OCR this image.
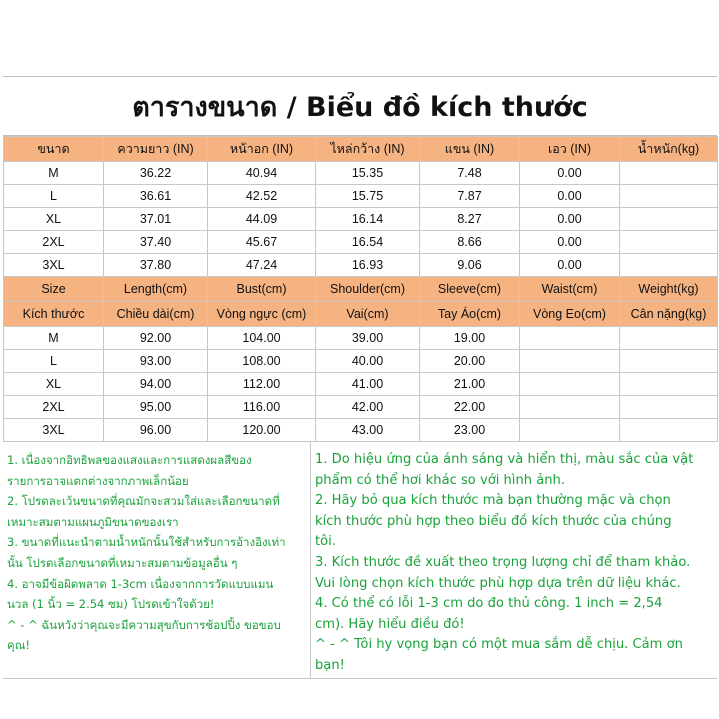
ตารางขนาด / Biểu đồ kích thước
ขนาด	ความยาว (IN)	หน้าอก (IN)	ไหล่กว้าง (IN)	แขน (IN)	เอว (IN)	น้ำหนัก(kg)
M	36.22	40.94	15.35	7.48	0.00	
L	36.61	42.52	15.75	7.87	0.00	
XL	37.01	44.09	16.14	8.27	0.00	
2XL	37.40	45.67	16.54	8.66	0.00	
3XL	37.80	47.24	16.93	9.06	0.00	
Size	Length(cm)	Bust(cm)	Shoulder(cm)	Sleeve(cm)	Waist(cm)	Weight(kg)
Kích thước	Chiều dài(cm)	Vòng ngực (cm)	Vai(cm)	Tay Áo(cm)	Vòng Eo(cm)	Cân nặng(kg)
M	92.00	104.00	39.00	19.00		
L	93.00	108.00	40.00	20.00		
XL	94.00	112.00	41.00	21.00		
2XL	95.00	116.00	42.00	22.00		
3XL	96.00	120.00	43.00	23.00		
1. เนื่องจากอิทธิพลของแสงและการแสดงผลสีของ
รายการอาจแตกต่างจากภาพเล็กน้อย
2. โปรดละเว้นขนาดที่คุณมักจะสวมใส่และเลือกขนาดที่
เหมาะสมตามแผนภูมิขนาดของเรา
3. ขนาดที่แนะนำตามน้ำหนักนั้นใช้สำหรับการอ้างอิงเท่า
นั้น โปรดเลือกขนาดที่เหมาะสมตามข้อมูลอื่น ๆ
4. อาจมีข้อผิดพลาด 1-3cm เนื่องจากการวัดแบบแมน
นวล (1 นิ้ว = 2.54 ซม) โปรดเข้าใจด้วย!
^ - ^ ฉันหวังว่าคุณจะมีความสุขกับการช้อปปิ้ง ขอขอบ
คุณ!
1. Do hiệu ứng của ánh sáng và hiển thị, màu sắc của vật
phẩm có thể hơi khác so với hình ảnh.
2. Hãy bỏ qua kích thước mà bạn thường mặc và chọn
kích thước phù hợp theo biểu đồ kích thước của chúng
tôi.
3. Kích thước đề xuất theo trọng lượng chỉ để tham khảo.
Vui lòng chọn kích thước phù hợp dựa trên dữ liệu khác.
4. Có thể có lỗi 1-3 cm do đo thủ công. 1 inch = 2,54
cm). Hãy hiểu điều đó!
^ - ^ Tôi hy vọng bạn có một mua sắm dễ chịu. Cảm ơn
bạn!
